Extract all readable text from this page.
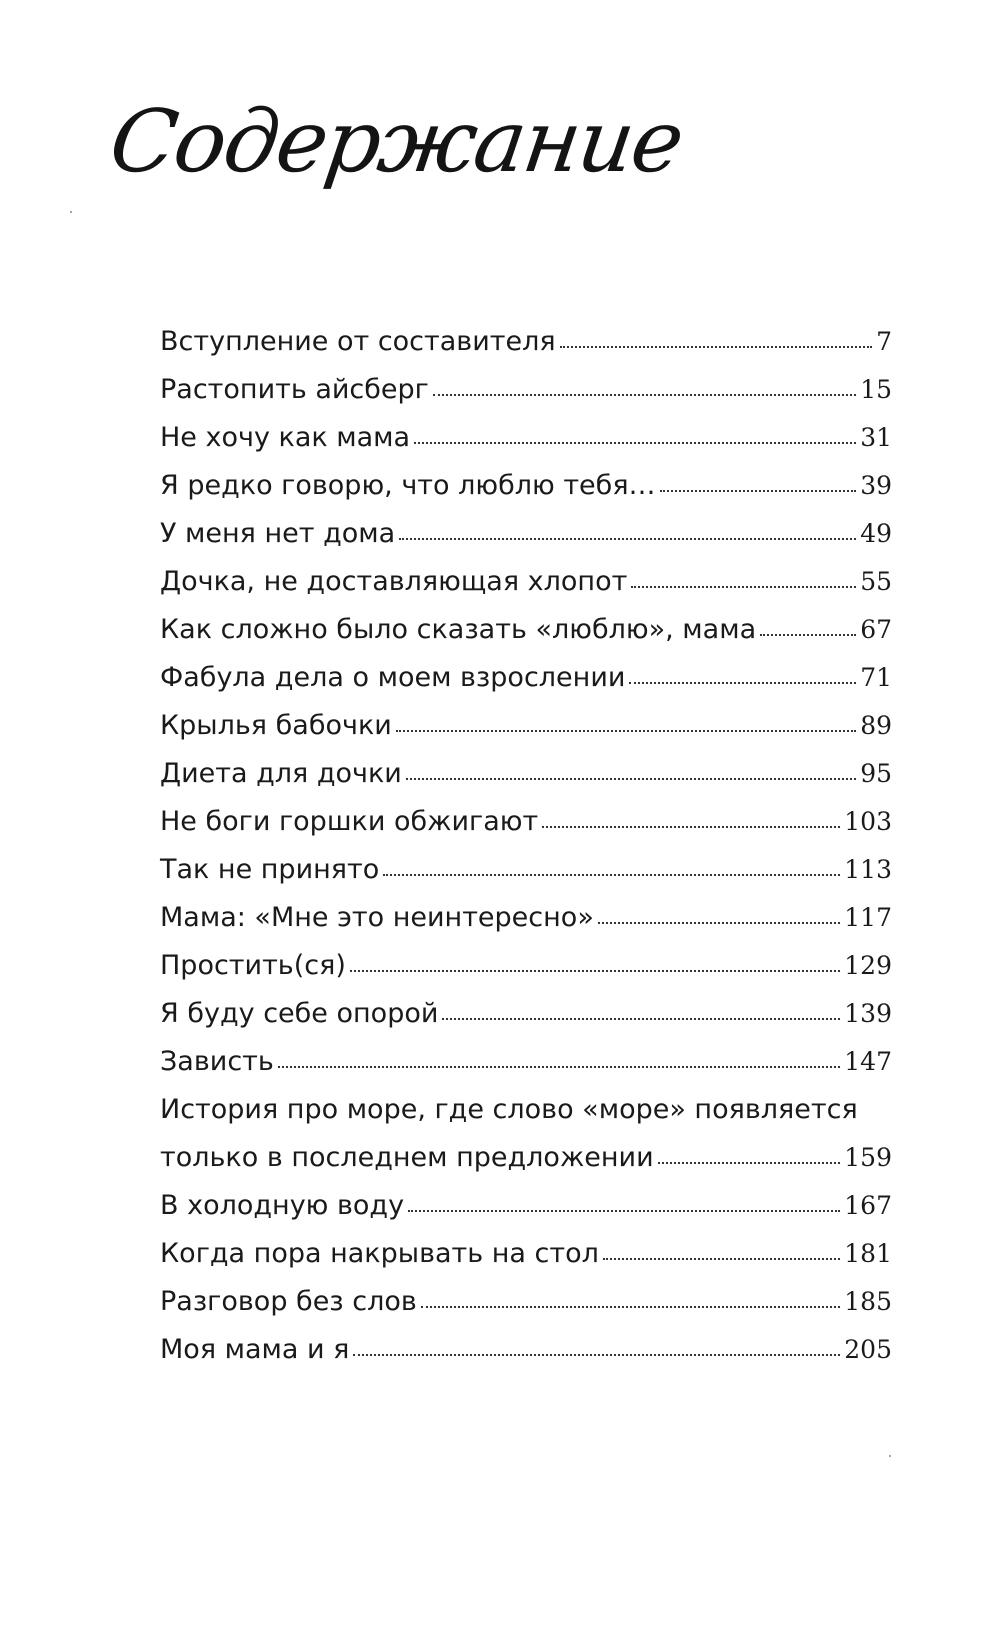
Содержание
Вступление от составителя	7
Растопить айсберг	15
Не хочу как мама	31
Я редко говорю, что люблю тебя…	39
У меня нет дома	49
Дочка, не доставляющая хлопот	55
Как сложно было сказать «люблю», мама	67
Фабула дела о моем взрослении	71
Крылья бабочки	89
Диета для дочки	95
Не боги горшки обжигают	103
Так не принято	113
Мама: «Мне это неинтересно»	117
Простить(ся)	129
Я буду себе опорой	139
Зависть	147
История про море, где слово «море» появляется
только в последнем предложении	159
В холодную воду	167
Когда пора накрывать на стол	181
Разговор без слов	185
Моя мама и я	205
